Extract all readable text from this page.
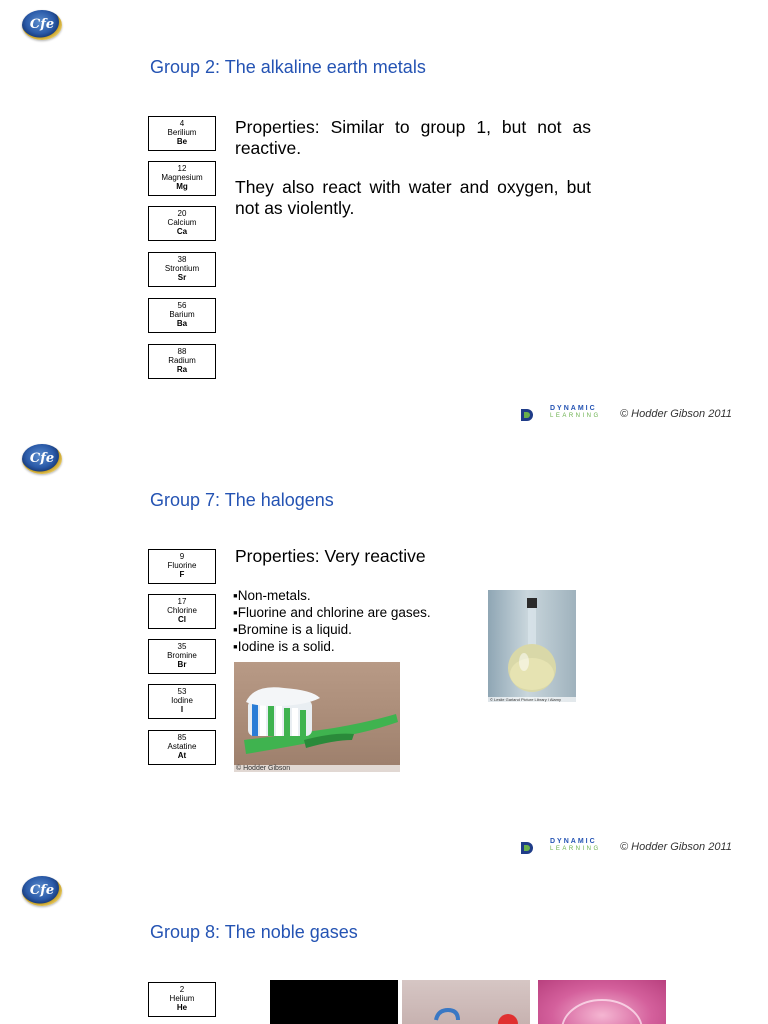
Cfe
Group 2: The alkaline earth metals
4
Berilium
Be
12
Magnesium
Mg
20
Calcium
Ca
38
Strontium
Sr
56
Barium
Ba
88
Radium
Ra
Properties: Similar to group 1, but not as reactive.
They also react with water and oxygen, but not as violently.
DYNAMIC
LEARNING © Hodder Gibson 2011
Cfe
Group 7: The halogens
9
Fluorine
F
17
Chlorine
Cl
35
Bromine
Br
53
Iodine
I
85
Astatine
At
Properties: Very reactive
▪ Non-metals.
▪ Fluorine and chlorine are gases.
▪ Bromine is a liquid.
▪ Iodine is a solid.
© Hodder Gibson
© Leslie Garland Picture Library / Alamy
DYNAMIC
LEARNING © Hodder Gibson 2011
Cfe
Group 8: The noble gases
2
Helium
He
